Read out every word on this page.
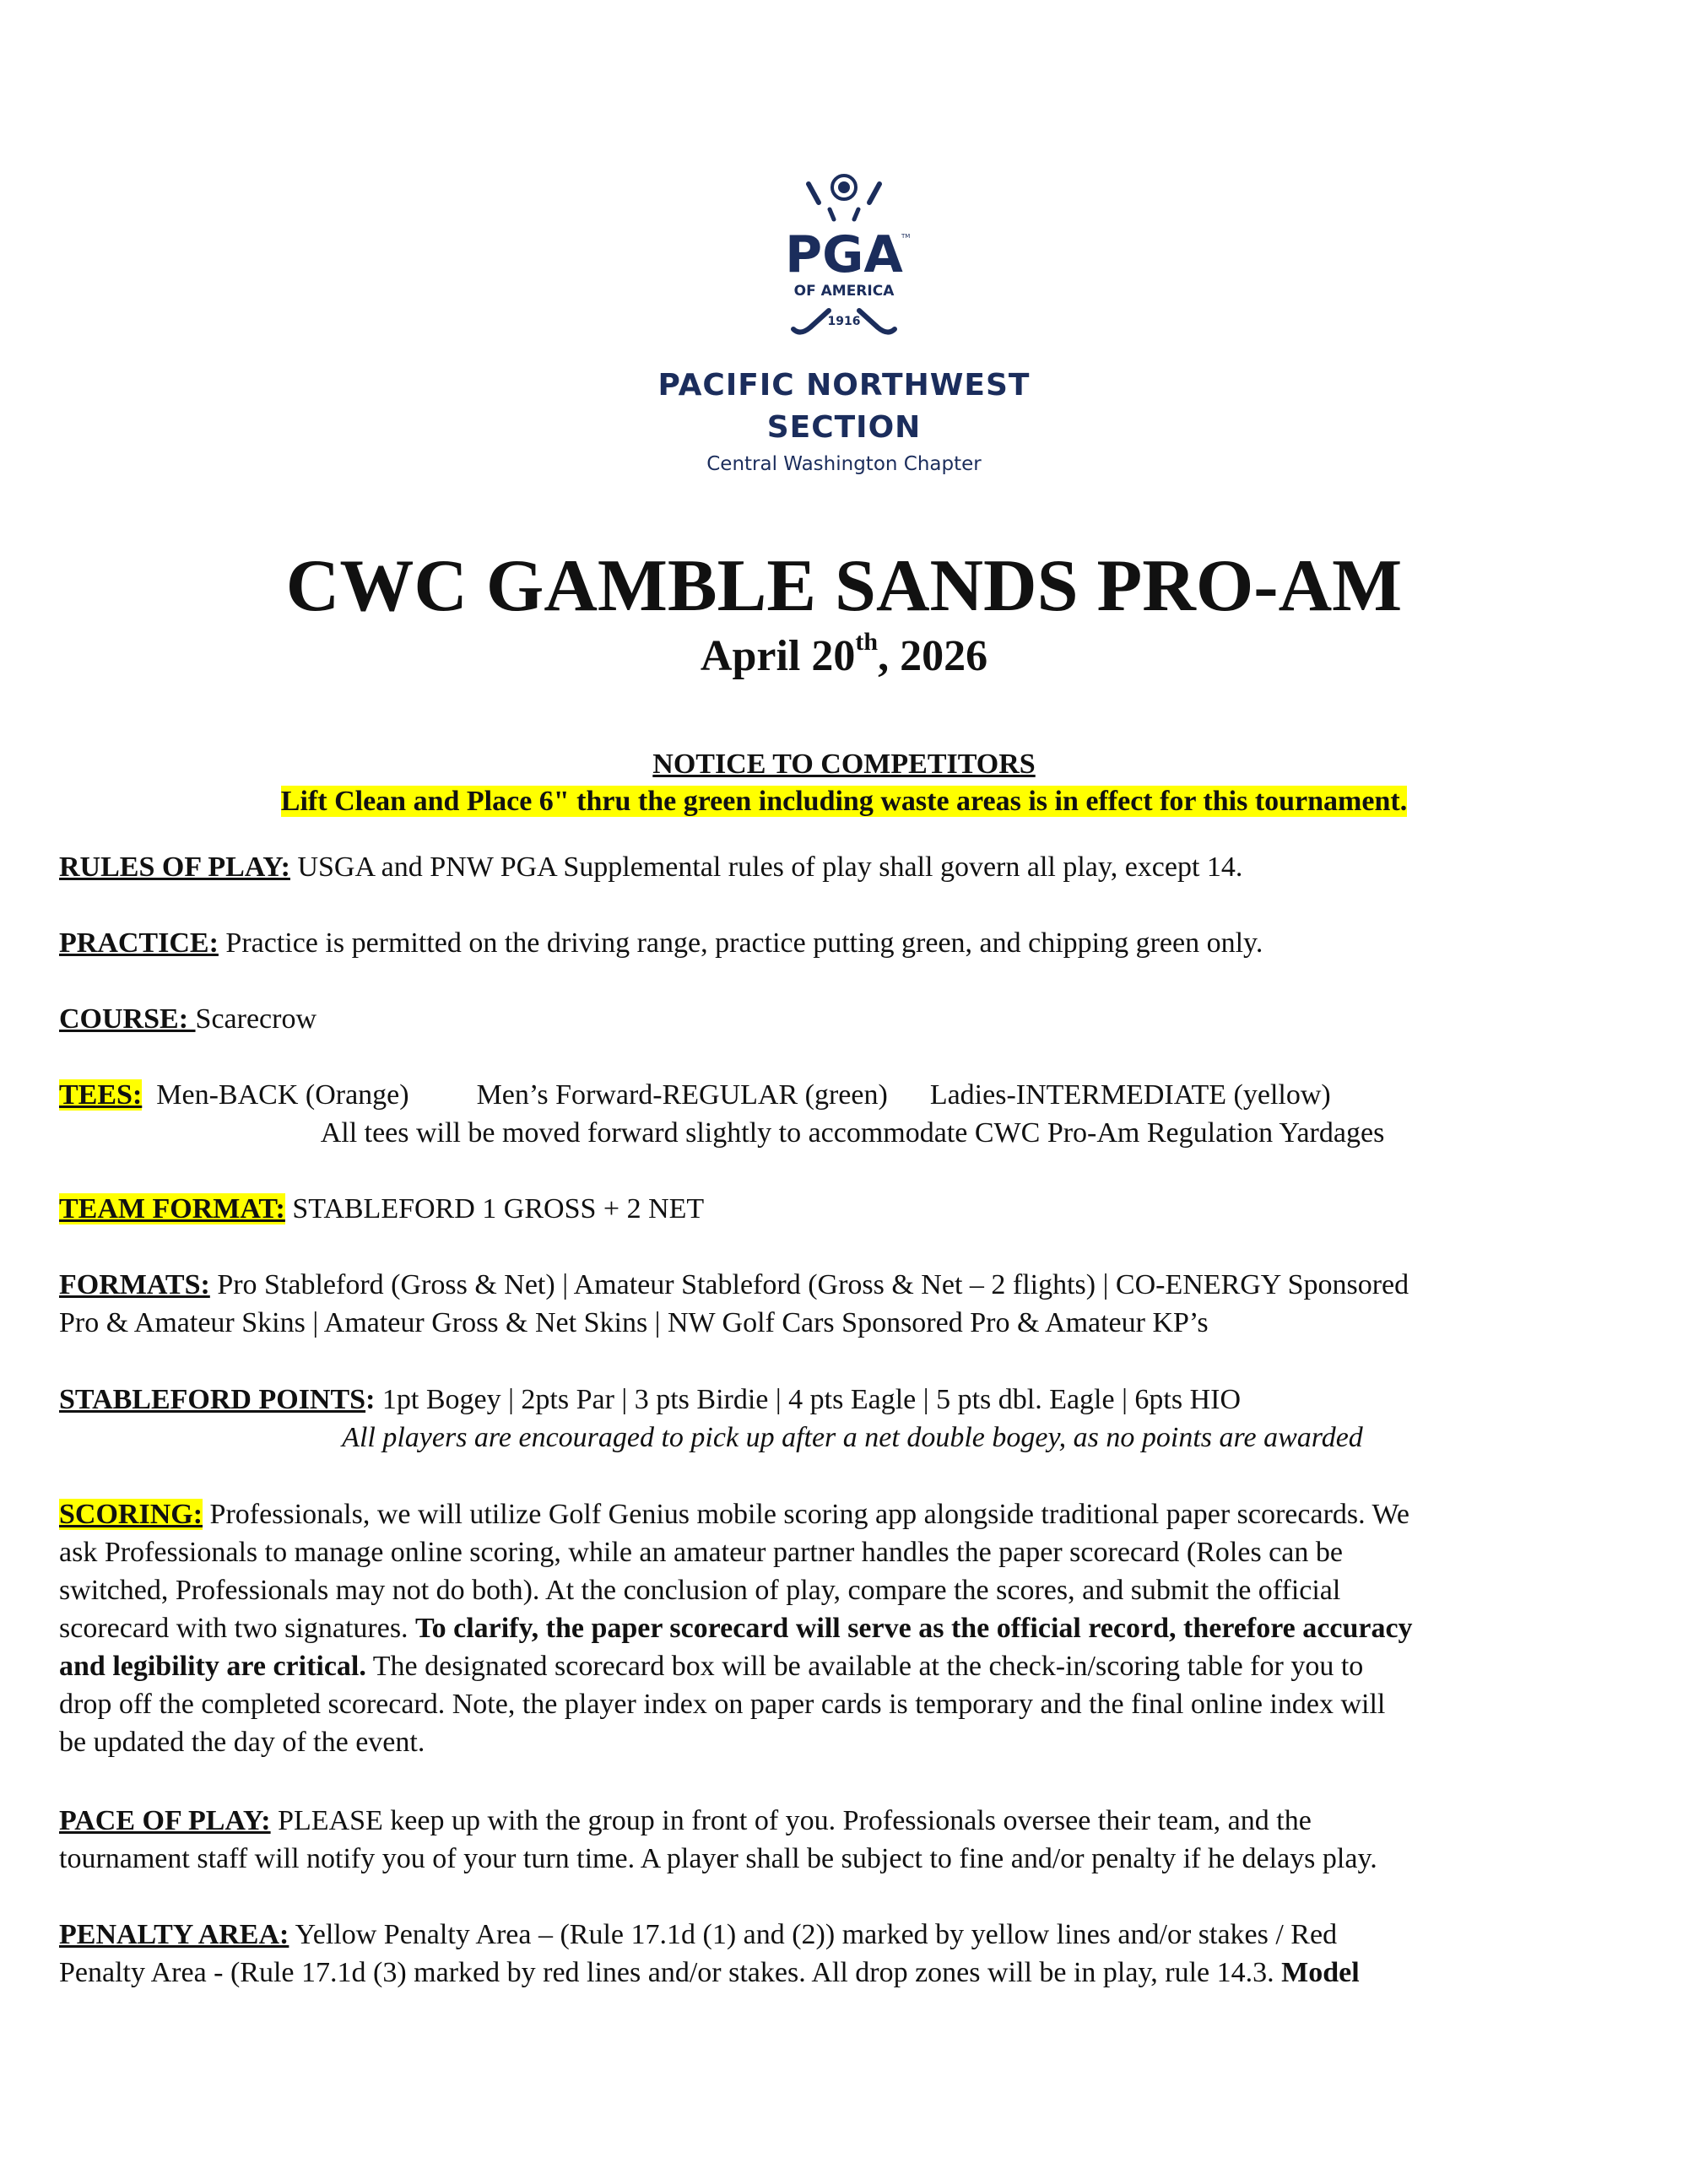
PGA
TM
OF AMERICA
1916
PACIFIC NORTHWEST
SECTION
Central Washington Chapter
CWC GAMBLE SANDS PRO-AM
April 20th, 2026
NOTICE TO COMPETITORS
Lift Clean and Place 6" thru the green including waste areas is in effect for this tournament.

RULES OF PLAY: USGA and PNW PGA Supplemental rules of play shall govern all play, except 14.

PRACTICE: Practice is permitted on the driving range, practice putting green, and chipping green only.

COURSE: Scarecrow

TEES: Men-BACK (Orange) Men’s Forward-REGULAR (green) Ladies-INTERMEDIATE (yellow)

All tees will be moved forward slightly to accommodate CWC Pro-Am Regulation Yardages

TEAM FORMAT: STABLEFORD 1 GROSS + 2 NET

FORMATS: Pro Stableford (Gross & Net) | Amateur Stableford (Gross & Net – 2 flights) | CO-ENERGY Sponsored

Pro & Amateur Skins | Amateur Gross & Net Skins | NW Golf Cars Sponsored Pro & Amateur KP’s

STABLEFORD POINTS: 1pt Bogey | 2pts Par | 3 pts Birdie | 4 pts Eagle | 5 pts dbl. Eagle | 6pts HIO

All players are encouraged to pick up after a net double bogey, as no points are awarded

SCORING: Professionals, we will utilize Golf Genius mobile scoring app alongside traditional paper scorecards. We

ask Professionals to manage online scoring, while an amateur partner handles the paper scorecard (Roles can be

switched, Professionals may not do both). At the conclusion of play, compare the scores, and submit the official

scorecard with two signatures. To clarify, the paper scorecard will serve as the official record, therefore accuracy

and legibility are critical. The designated scorecard box will be available at the check-in/scoring table for you to

drop off the completed scorecard. Note, the player index on paper cards is temporary and the final online index will

be updated the day of the event.

PACE OF PLAY: PLEASE keep up with the group in front of you. Professionals oversee their team, and the

tournament staff will notify you of your turn time. A player shall be subject to fine and/or penalty if he delays play.

PENALTY AREA: Yellow Penalty Area – (Rule 17.1d (1) and (2)) marked by yellow lines and/or stakes / Red

Penalty Area - (Rule 17.1d (3) marked by red lines and/or stakes. All drop zones will be in play, rule 14.3. Model
